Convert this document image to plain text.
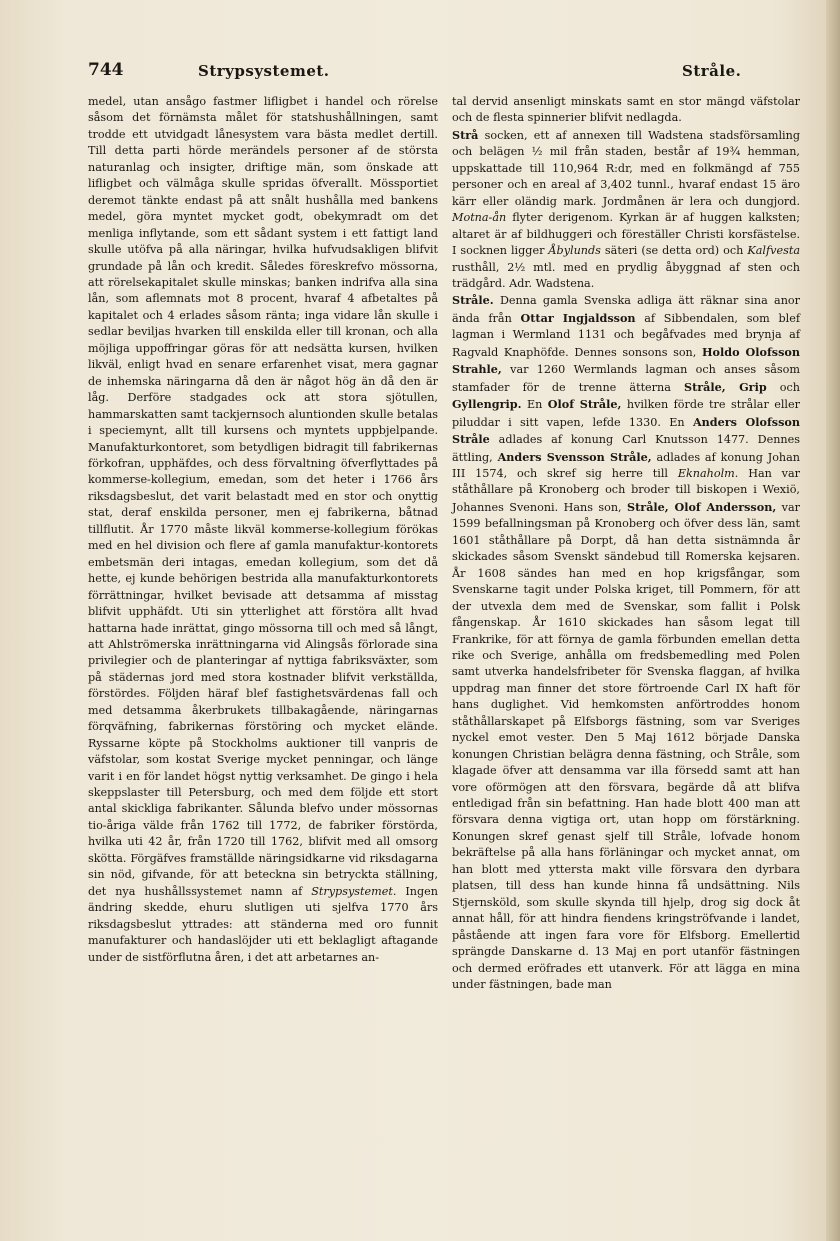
744	Strypsystemet.	Stråle.

medel, utan ansågo fastmer lifligbet i handel och rörelse såsom det förnämsta målet för statshushållningen, samt trodde ett utvidgadt lånesystem vara bästa medlet dertill. Till detta parti hörde merändels personer af de största naturanlag och insigter, driftige män, som önskade att lifligbet och välmåga skulle spridas öfverallt. Mössportiet deremot tänkte endast på att snålt hushålla med bankens medel, göra myntet mycket godt, obekymradt om det menliga inflytande, som ett sådant system i ett fattigt land skulle utöfva på alla näringar, hvilka hufvudsakligen blifvit grundade på lån och kredit. Således föreskrefvo mössorna, att rörelsekapitalet skulle minskas; banken indrifva alla sina lån, som aflemnats mot 8 procent, hvaraf 4 afbetaltes på kapitalet och 4 erlades såsom ränta; inga vidare lån skulle i sedlar beviljas hvarken till enskilda eller till kronan, och alla möjliga uppoffringar göras för att nedsätta kursen, hvilken likväl, enligt hvad en senare erfarenhet visat, mera gagnar de inhemska näringarna då den är något hög än då den är låg. Derföre stadgades ock att stora sjötullen, hammarskatten samt tackjernsoch aluntionden skulle betalas i speciemynt, allt till kursens och myntets uppbjelpande. Manufakturkontoret, som betydligen bidragit till fabrikernas förkofran, upphäfdes, och dess förvaltning öfverflyttades på kommerse-kollegium, emedan, som det heter i 1766 års riksdagsbeslut, det varit belastadt med en stor och onyttig stat, deraf enskilda personer, men ej fabrikerna, båtnad tillflutit. År 1770 måste likväl kommerse-kollegium förökas med en hel division och flere af gamla manufaktur-kontorets embetsmän deri intagas, emedan kollegium, som det då hette, ej kunde behörigen bestrida alla manufakturkontorets förrättningar, hvilket bevisade att detsamma af misstag blifvit upphäfdt. Uti sin ytterlighet att förstöra allt hvad hattarna hade inrättat, gingo mössorna till och med så långt, att Ahlströmerska inrättningarna vid Alingsås förlorade sina privilegier och de planteringar af nyttiga fabriksväxter, som på städernas jord med stora kostnader blifvit verkställda, förstördes. Följden häraf blef fastighetsvärdenas fall och med detsamma åkerbrukets tillbakagående, näringarnas förqväfning, fabrikernas förstöring och mycket elände. Ryssarne köpte på Stockholms auktioner till vanpris de väfstolar, som kostat Sverige mycket penningar, och länge varit i en för landet högst nyttig verksamhet. De gingo i hela skeppslaster till Petersburg, och med dem följde ett stort antal skickliga fabrikanter. Sålunda blefvo under mössornas tio-åriga välde från 1762 till 1772, de fabriker förstörda, hvilka uti 42 år, från 1720 till 1762, blifvit med all omsorg skötta. Förgäfves framställde näringsidkarne vid riksdagarna sin nöd, gifvande, för att beteckna sin betryckta ställning, det nya hushållssystemet namn af Strypsystemet. Ingen ändring skedde, ehuru slutligen uti sjelfva 1770 års riksdagsbeslut yttrades: att ständerna med oro funnit manufakturer och handaslöjder uti ett beklagligt aftagande under de sistförflutna åren, i det att arbetarnes an-

tal dervid ansenligt minskats samt en stor mängd väfstolar och de flesta spinnerier blifvit nedlagda.

Strå socken, ett af annexen till Wadstena stadsförsamling och belägen ½ mil från staden, består af 19¾ hemman, uppskattade till 110,964 R:dr, med en folkmängd af 755 personer och en areal af 3,402 tunnl., hvaraf endast 15 äro kärr eller oländig mark. Jordmånen är lera och dungjord. Motna-ån flyter derigenom. Kyrkan är af huggen kalksten; altaret är af bildhuggeri och föreställer Christi korsfästelse. I socknen ligger Åbylunds säteri (se detta ord) och Kalfvesta rusthåll, 2½ mtl. med en prydlig åbyggnad af sten och trädgård. Adr. Wadstena.

Stråle. Denna gamla Svenska adliga ätt räknar sina anor ända från Ottar Ingjaldsson af Sibbendalen, som blef lagman i Wermland 1131 och begåfvades med brynja af Ragvald Knaphöfde. Dennes sonsons son, Holdo Olofsson Strahle, var 1260 Wermlands lagman och anses såsom stamfader för de trenne ätterna Stråle, Grip och Gyllengrip. En Olof Stråle, hvilken förde tre strålar eller piluddar i sitt vapen, lefde 1330. En Anders Olofsson Stråle adlades af konung Carl Knutsson 1477. Dennes ättling, Anders Svensson Stråle, adlades af konung Johan III 1574, och skref sig herre till Eknaholm. Han var ståthållare på Kronoberg och broder till biskopen i Wexiö, Johannes Svenoni. Hans son, Stråle, Olof Andersson, var 1599 befallningsman på Kronoberg och öfver dess län, samt 1601 ståthållare på Dorpt, då han detta sistnämnda år skickades såsom Svenskt sändebud till Romerska kejsaren. År 1608 sändes han med en hop krigsfångar, som Svenskarne tagit under Polska kriget, till Pommern, för att der utvexla dem med de Svenskar, som fallit i Polsk fångenskap. År 1610 skickades han såsom legat till Frankrike, för att förnya de gamla förbunden emellan detta rike och Sverige, anhålla om fredsbemedling med Polen samt utverka handelsfribeter för Svenska flaggan, af hvilka uppdrag man finner det store förtroende Carl IX haft för hans duglighet. Vid hemkomsten anförtroddes honom ståthållarskapet på Elfsborgs fästning, som var Sveriges nyckel emot vester. Den 5 Maj 1612 började Danska konungen Christian belägra denna fästning, och Stråle, som klagade öfver att densamma var illa försedd samt att han vore oförmögen att den försvara, begärde då att blifva entledigad från sin befattning. Han hade blott 400 man att försvara denna vigtiga ort, utan hopp om förstärkning. Konungen skref genast sjelf till Stråle, lofvade honom bekräftelse på alla hans förläningar och mycket annat, om han blott med yttersta makt ville försvara den dyrbara platsen, till dess han kunde hinna få undsättning. Nils Stjernsköld, som skulle skynda till hjelp, drog sig dock åt annat håll, för att hindra fiendens kringströfvande i landet, påstående att ingen fara vore för Elfsborg. Emellertid sprängde Danskarne d. 13 Maj en port utanför fästningen och dermed eröfrades ett utanverk. För att lägga en mina under fästningen, bade man
